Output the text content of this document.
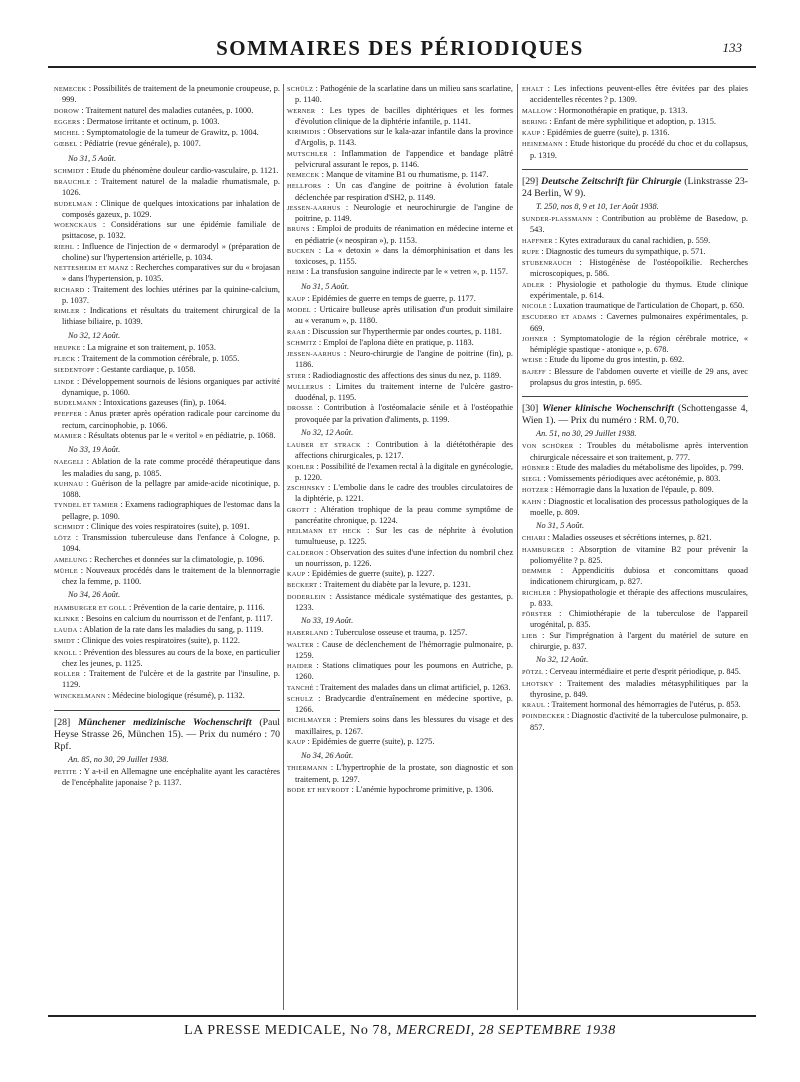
SOMMAIRES DES PÉRIODIQUES	133

NEMECEK : Possibilités de traitement de la pneumonie croupeuse, p. 999.

DOROW : Traitement naturel des maladies cutanées, p. 1000.

EGGERS : Dermatose irritante et octinum, p. 1003.

MICHEL : Symptomatologie de la tumeur de Grawitz, p. 1004.

GŒBEL : Pédiatrie (revue générale), p. 1007.

No 31, 5 Août.

SCHMIDT : Etude du phénomène douleur cardio-vasculaire, p. 1121.

BRAUCHLE : Traitement naturel de la maladie rhumatismale, p. 1026.

BUDELMAN : Clinique de quelques intoxications par inhalation de composés gazeux, p. 1029.

WOENCKAUS : Considérations sur une épidémie familiale de psittacose, p. 1032.

RIEHL : Influence de l'injection de « dermarodyl » (préparation de choline) sur l'hypertension artérielle, p. 1034.

NETTESHEIM ET MANZ : Recherches comparatives sur du « brojasan » dans l'hypertension, p. 1035.

RICHARD : Traitement des lochies utérines par la quinine-calcium, p. 1037.

RIMLER : Indications et résultats du traitement chirurgical de la lithiase biliaire, p. 1039.

No 32, 12 Août.

HEUPKE : La migraine et son traitement, p. 1053.

FLECK : Traitement de la commotion cérébrale, p. 1055.

SIEDENTOPF : Gestante cardiaque, p. 1058.

LINDE : Développement sournois de lésions organiques par activité dynamique, p. 1060.

BUDELMANN : Intoxications gazeuses (fin), p. 1064.

PFEFFER : Anus præter après opération radicale pour carcinome du rectum, carcinophobie, p. 1066.

MAMIER : Résultats obtenus par le « veritol » en pédiatrie, p. 1068.

No 33, 19 Août.

NAEGELI : Ablation de la rate comme procédé thérapeutique dans les maladies du sang, p. 1085.

KUHNAU : Guérison de la pellagre par amide-acide nicotinique, p. 1088.

TYNDEL ET TAMIER : Examens radiographiques de l'estomac dans la pellagre, p. 1090.

SCHMIDT : Clinique des voies respiratoires (suite), p. 1091.

LÖTZ : Transmission tuberculeuse dans l'enfance à Cologne, p. 1094.

AMELUNG : Recherches et données sur la climatologie, p. 1096.

MÜHLE : Nouveaux procédés dans le traitement de la blennorragie chez la femme, p. 1100.

No 34, 26 Août.

HAMBURGER ET GOLL : Prévention de la carie dentaire, p. 1116.

KLINKE : Besoins en calcium du nourrisson et de l'enfant, p. 1117.

LAUDA : Ablation de la rate dans les maladies du sang, p. 1119.

SMIDT : Clinique des voies respiratoires (suite), p. 1122.

KNOLL : Prévention des blessures au cours de la boxe, en particulier chez les jeunes, p. 1125.

ROLLER : Traitement de l'ulcère et de la gastrite par l'insuline, p. 1129.

WINCKELMANN : Médecine biologique (résumé), p. 1132.

[28] Münchener medizinische Wochenschrift (Paul Heyse Strasse 26, München 15). — Prix du numéro : 70 Rpf.

An. 85, no 30, 29 Juillet 1938.

PETITE : Y a-t-il en Allemagne une encéphalite ayant les caractères de l'encéphalite japonaise ? p. 1137.

SCHÜLZ : Pathogénie de la scarlatine dans un milieu sans scarlatine, p. 1140.

WERNER : Les types de bacilles diphtériques et les formes d'évolution clinique de la diphtérie infantile, p. 1141.

KIRIMIDIS : Observations sur le kala-azar infantile dans la province d'Argolis, p. 1143.

MUTSCHLER : Inflammation de l'appendice et bandage plâtré pelvicrural assurant le repos, p. 1146.

NEMECEK : Manque de vitamine B1 ou rhumatisme, p. 1147.

HELLFORS : Un cas d'angine de poitrine à évolution fatale déclenchée par respiration d'SH2, p. 1149.

JESSEN-AARHUS : Neurologie et neurochirurgie de l'angine de poitrine, p. 1149.

BRUNS : Emploi de produits de réanimation en médecine interne et en pédiatrie (« neospiran »), p. 1153.

BUCKEN : La « detoxin » dans la démorphinisation et dans les toxicoses, p. 1155.

HEIM : La transfusion sanguine indirecte par le « vetren », p. 1157.

No 31, 5 Août.

KAUP : Epidémies de guerre en temps de guerre, p. 1177.

MODEL : Urticaire bulleuse après utilisation d'un produit similaire au « veranum », p. 1180.

RAAB : Discussion sur l'hyperthermie par ondes courtes, p. 1181.

SCHMITZ : Emploi de l'aplona diète en pratique, p. 1183.

JESSEN-AARHUS : Neuro-chirurgie de l'angine de poitrine (fin), p. 1186.

STIER : Radiodiagnostic des affections des sinus du nez, p. 1189.

MULLERUS : Limites du traitement interne de l'ulcère gastro-duodénal, p. 1195.

DROSSE : Contribution à l'ostéomalacie sénile et à l'ostéopathie provoquée par la privation d'aliments, p. 1199.

No 32, 12 Août.

LAUBER ET STRACK : Contribution à la diététothérapie des affections chirurgicales, p. 1217.

KOHLER : Possibilité de l'examen rectal à la digitale en gynécologie, p. 1220.

ZSCHINSKY : L'embolie dans le cadre des troubles circulatoires de la diphtérie, p. 1221.

GROTT : Altération trophique de la peau comme symptôme de pancréatite chronique, p. 1224.

HEILMANN ET HECK : Sur les cas de néphrite à évolution tumultueuse, p. 1225.

CALDERON : Observation des suites d'une infection du nombril chez un nourrisson, p. 1226.

KAUP : Epidémies de guerre (suite), p. 1227.

BECKERT : Traitement du diabète par la levure, p. 1231.

DODERLEIN : Assistance médicale systématique des gestantes, p. 1233.

No 33, 19 Août.

HABERLAND : Tuberculose osseuse et trauma, p. 1257.

WALTER : Cause de déclenchement de l'hémorragie pulmonaire, p. 1259.

HAIDER : Stations climatiques pour les poumons en Autriche, p. 1260.

TANCHÉ : Traitement des malades dans un climat artificiel, p. 1263.

SCHULZ : Bradycardie d'entraînement en médecine sportive, p. 1266.

BICHLMAYER : Premiers soins dans les blessures du visage et des maxillaires, p. 1267.

KAUP : Epidémies de guerre (suite), p. 1275.

No 34, 26 Août.

THIERMANN : L'hypertrophie de la prostate, son diagnostic et son traitement, p. 1297.

BODE ET HEYRODT : L'anémie hypochrome primitive, p. 1306.

EHALT : Les infections peuvent-elles être évitées par des plaies accidentelles récentes ? p. 1309.

MALLOW : Hormonothérapie en pratique, p. 1313.

BERING : Enfant de mère syphilitique et adoption, p. 1315.

KAUP : Epidémies de guerre (suite), p. 1316.

HEINEMANN : Etude historique du procédé du choc et du collapsus, p. 1319.

[29] Deutsche Zeitschrift für Chirurgie (Linkstrasse 23-24 Berlin, W 9).

T. 250, nos 8, 9 et 10, 1er Août 1938.

SUNDER-PLASSMANN : Contribution au problème de Basedow, p. 543.

HAFFNER : Kytes extraduraux du canal rachidien, p. 559.

RUPE : Diagnostic des tumeurs du sympathique, p. 571.

STUBENRAUCH : Histogénèse de l'ostéopoïkilie. Recherches microscopiques, p. 586.

ADLER : Physiologie et pathologie du thymus. Etude clinique expérimentale, p. 614.

NICOLE : Luxation traumatique de l'articulation de Chopart, p. 650.

ESCUDERO ET ADAMS : Cavernes pulmonaires expérimentales, p. 669.

JOHNER : Symptomatologie de la région cérébrale motrice, « hémiplégie spastique - atonique », p. 678.

WEISE : Etude du lipome du gros intestin, p. 692.

BAJEFF : Blessure de l'abdomen ouverte et vieille de 29 ans, avec prolapsus du gros intestin, p. 695.

[30] Wiener klinische Wochenschrift (Schottengasse 4, Wien 1). — Prix du numéro : RM. 0,70.

An. 51, no 30, 29 Juillet 1938.

VON SCHÜRER : Troubles du métabolisme après intervention chirurgicale nécessaire et son traitement, p. 777.

HÜBNER : Etude des maladies du métabolisme des lipoïdes, p. 799.

SIEGL : Vomissements périodiques avec acétonémie, p. 803.

HOTZER : Hémorragie dans la luxation de l'épaule, p. 809.

KAHN : Diagnostic et localisation des processus pathologiques de la moelle, p. 809.

No 31, 5 Août.

CHIARI : Maladies osseuses et sécrétions internes, p. 821.

HAMBURGER : Absorption de vitamine B2 pour prévenir la poliomyélite ? p. 825.

DEMMER : Appendicitis dubiosa et concomittans quoad indicationem chirurgicam, p. 827.

RICHLER : Physiopathologie et thérapie des affections musculaires, p. 833.

FÖRSTER : Chimiothérapie de la tuberculose de l'appareil urogénital, p. 835.

LIEB : Sur l'imprégnation à l'argent du matériel de suture en chirurgie, p. 837.

No 32, 12 Août.

PÖTZL : Cerveau intermédiaire et perte d'esprit périodique, p. 845.

LHOTSKY : Traitement des maladies métasyphilitiques par la thyrosine, p. 849.

KRAUL : Traitement hormonal des hémorragies de l'utérus, p. 853.

POINDECKER : Diagnostic d'activité de la tuberculose pulmonaire, p. 857.

LA PRESSE MEDICALE, No 78, MERCREDI, 28 SEPTEMBRE 1938
